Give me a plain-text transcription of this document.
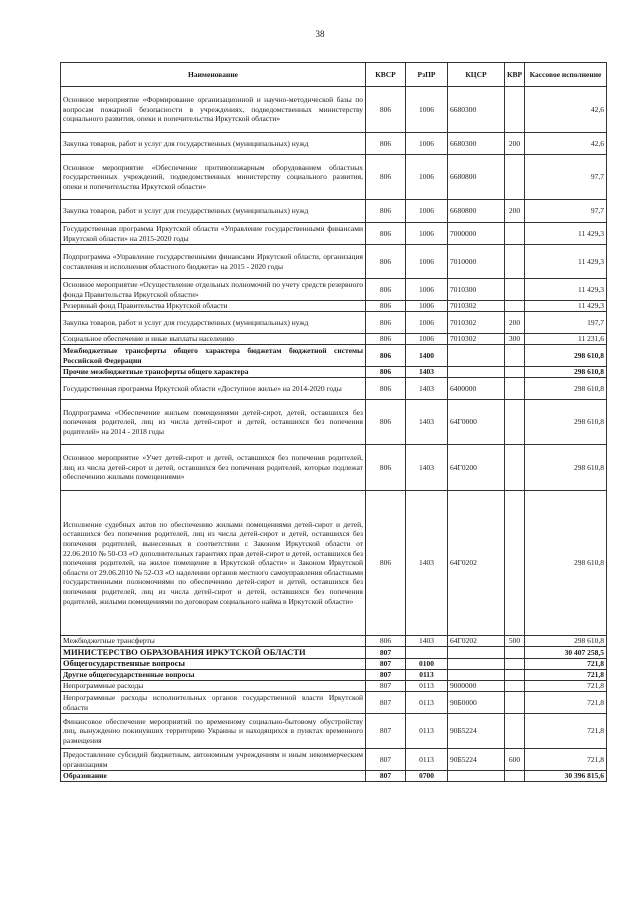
38
Наименование	КВСР	РзПР	КЦСР	КВР	Кассовое исполнение
Основное мероприятие «Формирование организационной и научно-методической базы по вопросам пожарной безопасности в учреждениях, подведомственных министерству социального развития, опеки и попечительства Иркутской области»	806	1006	6680300		42,6
Закупка товаров, работ и услуг для государственных (муниципальных) нужд	806	1006	6680300	200	42,6
Основное мероприятие «Обеспечение противопожарным оборудованием областных государственных учреждений, подведомственных министерству социального развития, опеки и попечительства Иркутской области»	806	1006	6680800		97,7
Закупка товаров, работ и услуг для государственных (муниципальных) нужд	806	1006	6680800	200	97,7
Государственная программа Иркутской области «Управление государственными финансами Иркутской области» на 2015-2020 годы	806	1006	7000000		11 429,3
Подпрограмма «Управление государственными финансами Иркутской области, организация составления и исполнения областного бюджета» на 2015 - 2020 годы	806	1006	7010000		11 429,3
Основное мероприятие «Осуществление отдельных полномочий по учету средств резервного фонда Правительства Иркутской области»	806	1006	7010300		11 429,3
Резервный фонд Правительства Иркутской области	806	1006	7010302		11 429,3
Закупка товаров, работ и услуг для государственных (муниципальных) нужд	806	1006	7010302	200	197,7
Социальное обеспечение и иные выплаты населению	806	1006	7010302	300	11 231,6
Межбюджетные трансферты общего характера бюджетам бюджетной системы Российской Федерации	806	1400			298 610,8
Прочие межбюджетные трансферты общего характера	806	1403			298 610,8
Государственная программа Иркутской области «Доступное жилье» на 2014-2020 годы	806	1403	6400000		298 610,8
Подпрограмма «Обеспечение жильем помещениями детей-сирот, детей, оставшихся без попечения родителей, лиц из числа детей-сирот и детей, оставшихся без попечения родителей» на 2014 - 2018 годы	806	1403	64Г0000		298 610,8
Основное мероприятие «Учет детей-сирот и детей, оставшихся без попечения родителей, лиц из числа детей-сирот и детей, оставшихся без попечения родителей, которые подлежат обеспечению жилыми помещениями»	806	1403	64Г0200		298 610,8
Исполнение судебных актов по обеспечению жилыми помещениями детей-сирот и детей, оставшихся без попечения родителей, лиц из числа детей-сирот и детей, оставшихся без попечения родителей, вынесенных в соответствии с Законом Иркутской области от 22.06.2010 № 50-ОЗ «О дополнительных гарантиях прав детей-сирот и детей, оставшихся без попечения родителей, на жилое помещение в Иркутской области» и Законом Иркутской области от 29.06.2010 № 52-ОЗ «О наделении органов местного самоуправления областными государственными полномочиями по обеспечению детей-сирот и детей, оставшихся без попечения родителей, лиц из числа детей-сирот и детей, оставшихся без попечения родителей, жилыми помещениями по договорам социального найма в Иркутской области»	806	1403	64Г0202		298 610,8
Межбюджетные трансферты	806	1403	64Г0202	500	298 610,8
МИНИСТЕРСТВО ОБРАЗОВАНИЯ ИРКУТСКОЙ ОБЛАСТИ	807				30 407 258,5
Общегосударственные вопросы	807	0100			721,8
Другие общегосударственные вопросы	807	0113			721,8
Непрограммные расходы	807	0113	9000000		721,8
Непрограммные расходы исполнительных органов государственной власти Иркутской области	807	0113	90Б0000		721,8
Финансовое обеспечение мероприятий по временному социально-бытовому обустройству лиц, вынужденно покинувших территорию Украины и находящихся в пунктах временного размещения	807	0113	90Б5224		721,8
Предоставление субсидий бюджетным, автономным учреждениям и иным некоммерческим организациям	807	0113	90Б5224	600	721,8
Образование	807	0700			30 396 815,6
